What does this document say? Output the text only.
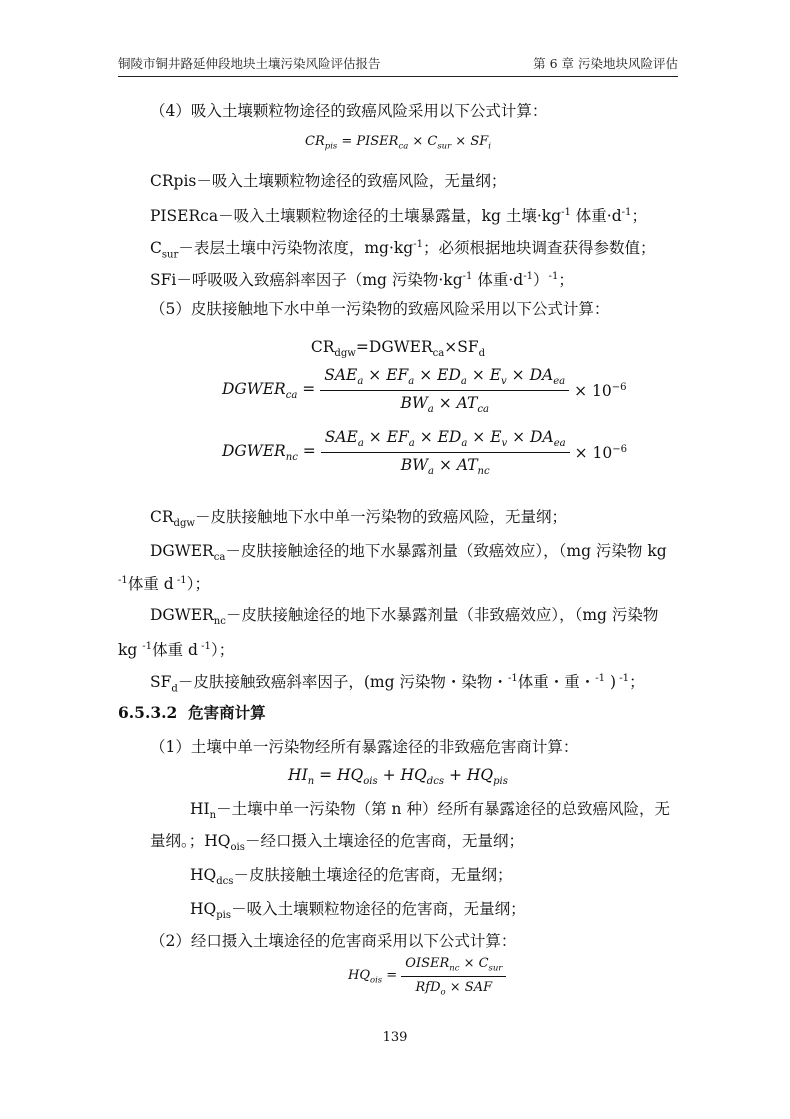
铜陵市铜井路延伸段地块土壤污染风险评估报告	第 6 章 污染地块风险评估
（4）吸入土壤颗粒物途径的致癌风险采用以下公式计算：
$CR_{pis}$ = $PISER_{ca} \times C_{sur} \times SF_i$
CRpis－吸入土壤颗粒物途径的致癌风险，无量纲；
PISERca－吸入土壤颗粒物途径的土壤暴露量，kg 土壤$\cdot kg^{-1}$ 体重$\cdot d^{-1}$；
$C_{sur}-$表层土壤中污染物浓度，$mg\cdot kg^{-1}$；必须根据地块调查获得参数值；
SFi－呼吸吸入致癌斜率因子（mg 污染物$\cdot kg^{-1}$ 体重$\cdot d^{-1})^{-1}$；
（5）皮肤接触地下水中单一污染物的致癌风险采用以下公式计算：
$CR_{dgw}=DGWER_{ca}\times SF_d$
$DGWER_{ca} = \frac{SAE_a \times EF_a \times ED_a \times E_v \times DA_{ea}}{BW_a \times AT_{ca}} \times 10^{-6}$
$DGWER_{nc} = \frac{SAE_a \times EF_a \times ED_a \times E_v \times DA_{ea}}{BW_a \times AT_{nc}} \times 10^{-6}$
$CR_{dgw}-$皮肤接触地下水中单一污染物的致癌风险，无量纲；
$DGWER_{ca}-$皮肤接触途径的地下水暴露剂量（致癌效应），（mg 污染物 kg
$^{-1}$体重 d $^{-1}$）；
$DGWER_{nc}-$皮肤接触途径的地下水暴露剂量（非致癌效应），（mg 污染物
kg $^{-1}$体重 d $^{-1}$）；
$SF_d-$皮肤接触致癌斜率因子，(mg 污染物・染物・$^{-1}$体重・重・$^{-1}$ ) $^{-1}$；
6.5.3.2 危害商计算
（1）土壤中单一污染物经所有暴露途径的非致癌危害商计算：
$HI_n = HQ_{ois} + HQ_{dcs} + HQ_{pis}$
$HI_n-$土壤中单一污染物（第 n 种）经所有暴露途径的总致癌风险，无
量纲。；$HQ_{ois}-$经口摄入土壤途径的危害商，无量纲；
$HQ_{dcs}-$皮肤接触土壤途径的危害商，无量纲；
$HQ_{pis}-$吸入土壤颗粒物途径的危害商，无量纲；
（2）经口摄入土壤途径的危害商采用以下公式计算：
$HQ_{ois} = \frac{OISER_{nc} \times C_{sur}}{RfD_o \times SAF}$
139
